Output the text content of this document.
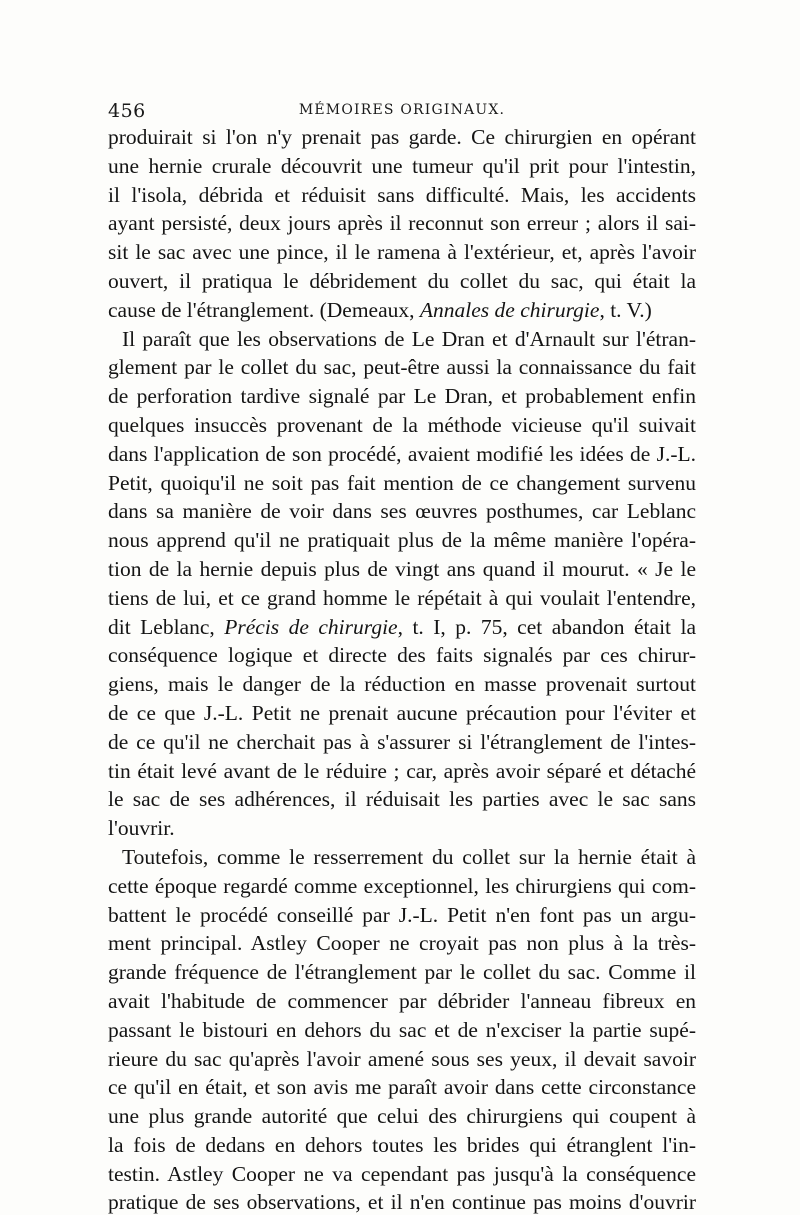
456	MÉMOIRES ORIGINAUX.
produirait si l'on n'y prenait pas garde. Ce chirurgien en opérant
une hernie crurale découvrit une tumeur qu'il prit pour l'intestin,
il l'isola, débrida et réduisit sans difficulté. Mais, les accidents
ayant persisté, deux jours après il reconnut son erreur ; alors il sai-
sit le sac avec une pince, il le ramena à l'extérieur, et, après l'avoir
ouvert, il pratiqua le débridement du collet du sac, qui était la
cause de l'étranglement. (Demeaux, Annales de chirurgie, t. V.)
Il paraît que les observations de Le Dran et d'Arnault sur l'étran-
glement par le collet du sac, peut-être aussi la connaissance du fait
de perforation tardive signalé par Le Dran, et probablement enfin
quelques insuccès provenant de la méthode vicieuse qu'il suivait
dans l'application de son procédé, avaient modifié les idées de J.-L.
Petit, quoiqu'il ne soit pas fait mention de ce changement survenu
dans sa manière de voir dans ses œuvres posthumes, car Leblanc
nous apprend qu'il ne pratiquait plus de la même manière l'opéra-
tion de la hernie depuis plus de vingt ans quand il mourut. « Je le
tiens de lui, et ce grand homme le répétait à qui voulait l'entendre,
dit Leblanc, Précis de chirurgie, t. I, p. 75, cet abandon était la
conséquence logique et directe des faits signalés par ces chirur-
giens, mais le danger de la réduction en masse provenait surtout
de ce que J.-L. Petit ne prenait aucune précaution pour l'éviter et
de ce qu'il ne cherchait pas à s'assurer si l'étranglement de l'intes-
tin était levé avant de le réduire ; car, après avoir séparé et détaché
le sac de ses adhérences, il réduisait les parties avec le sac sans
l'ouvrir.
Toutefois, comme le resserrement du collet sur la hernie était à
cette époque regardé comme exceptionnel, les chirurgiens qui com-
battent le procédé conseillé par J.-L. Petit n'en font pas un argu-
ment principal. Astley Cooper ne croyait pas non plus à la très-
grande fréquence de l'étranglement par le collet du sac. Comme il
avait l'habitude de commencer par débrider l'anneau fibreux en
passant le bistouri en dehors du sac et de n'exciser la partie supé-
rieure du sac qu'après l'avoir amené sous ses yeux, il devait savoir
ce qu'il en était, et son avis me paraît avoir dans cette circonstance
une plus grande autorité que celui des chirurgiens qui coupent à
la fois de dedans en dehors toutes les brides qui étranglent l'in-
testin. Astley Cooper ne va cependant pas jusqu'à la conséquence
pratique de ses observations, et il n'en continue pas moins d'ouvrir
